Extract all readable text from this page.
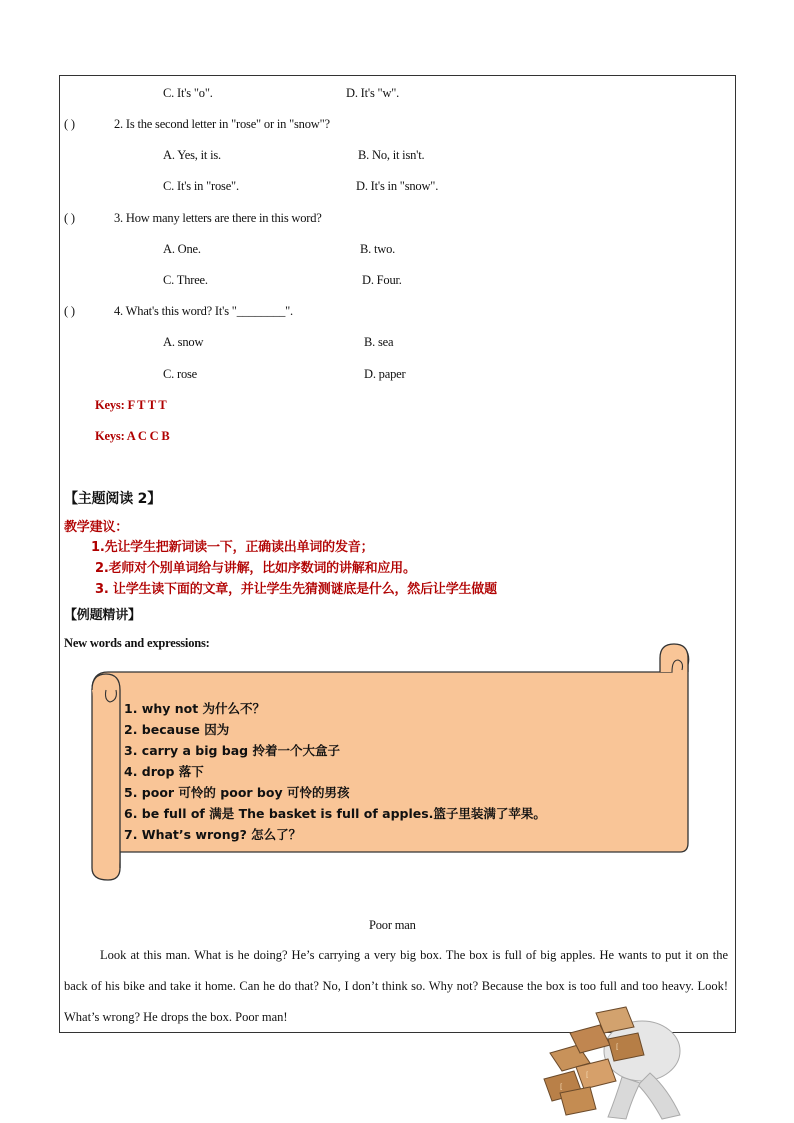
C. It's "o".	D. It's "w".
( )	2. Is the second letter in "rose" or in "snow"?
A. Yes, it is.	B. No, it isn't.
C. It's in "rose".	D. It's in "snow".
( )	3. How many letters are there in this word?
A. One.	B. two.
C. Three.	D. Four.
( )	4. What's this word? It's "________".
A. snow	B. sea
C. rose	D. paper
Keys: F T T T
Keys: A C C B
【主题阅读 2】
教学建议：
1.先让学生把新词读一下，正确读出单词的发音；
2.老师对个别单词给与讲解，比如序数词的讲解和应用。
3. 让学生读下面的文章，并让学生先猜测谜底是什么，然后让学生做题
【例题精讲】
New words and expressions:
1. why not 为什么不？
2. because 因为
3. carry a big bag 拎着一个大盒子
4. drop 落下
5. poor 可怜的 poor boy 可怜的男孩
6. be full of 满是 The basket is full of apples.篮子里装满了苹果。
7. What’s wrong? 怎么了？
Poor man
Look at this man. What is he doing? He’s carrying a very big box. The box is full of big apples. He wants to put it on the back of his bike and take it home. Can he do that? No, I don’t think so. Why not? Because the box is too full and too heavy. Look! What’s wrong? He drops the box. Poor man!
[
[
[
